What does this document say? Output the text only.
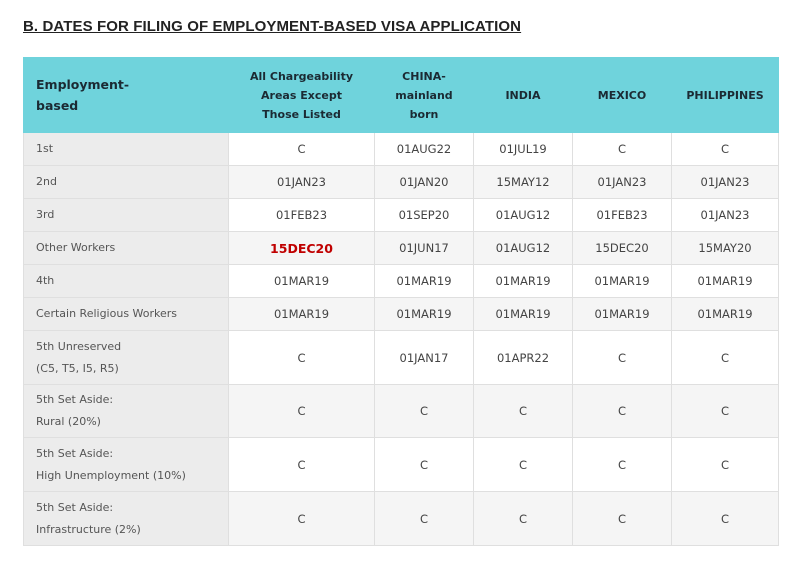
B. DATES FOR FILING OF EMPLOYMENT-BASED VISA APPLICATION
Employment-
based	All Chargeability
Areas Except
Those Listed	CHINA-
mainland
born	INDIA	MEXICO	PHILIPPINES

1st	C	01AUG22	01JUL19	C	C

2nd	01JAN23	01JAN20	15MAY12	01JAN23	01JAN23

3rd	01FEB23	01SEP20	01AUG12	01FEB23	01JAN23

Other Workers	15DEC20	01JUN17	01AUG12	15DEC20	15MAY20

4th	01MAR19	01MAR19	01MAR19	01MAR19	01MAR19

Certain Religious Workers	01MAR19	01MAR19	01MAR19	01MAR19	01MAR19

5th Unreserved
(C5, T5, I5, R5)	C	01JAN17	01APR22	C	C

5th Set Aside:
Rural (20%)	C	C	C	C	C

5th Set Aside:
High Unemployment (10%)	C	C	C	C	C

5th Set Aside:
Infrastructure (2%)	C	C	C	C	C
